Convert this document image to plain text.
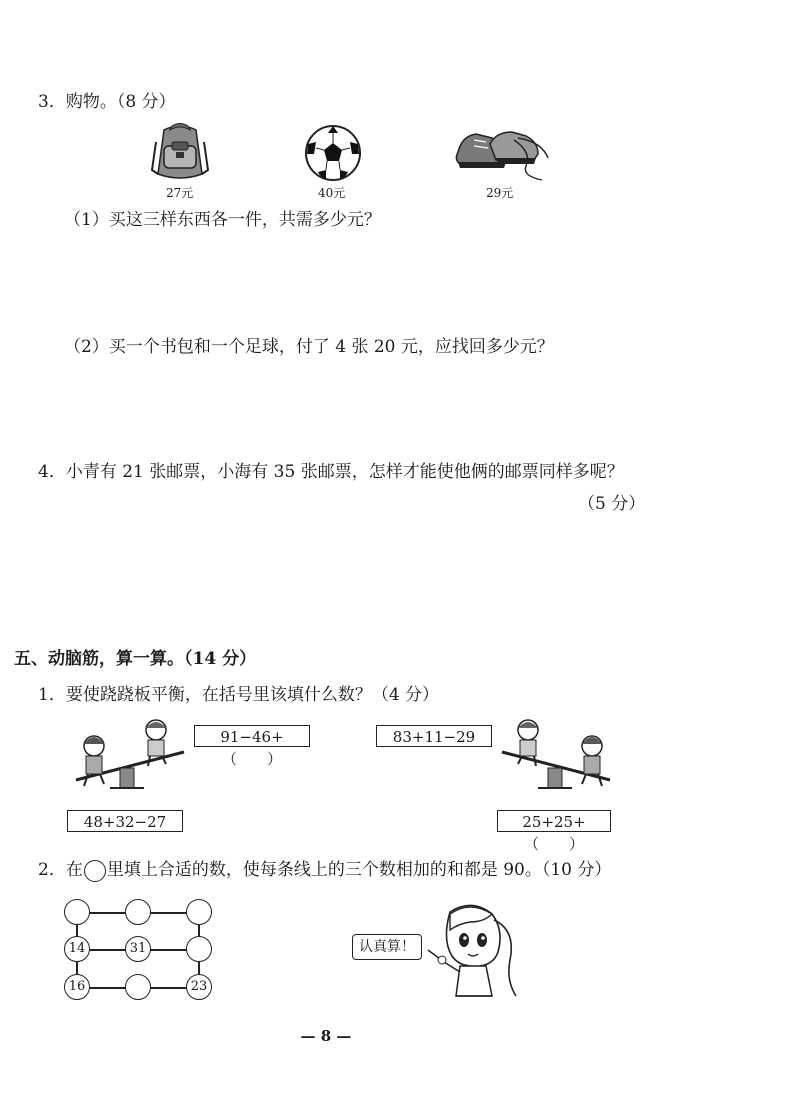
3．购物。（8 分）
27元	40元	29元
（1）买这三样东西各一件，共需多少元？
（2）买一个书包和一个足球，付了 4 张 20 元，应找回多少元？
4．小青有 21 张邮票，小海有 35 张邮票，怎样才能使他俩的邮票同样多呢？
（5 分）
五、动脑筋，算一算。（14 分）
1．要使跷跷板平衡，在括号里该填什么数？（4 分）
91−46+（　　）
48+32−27
83+11−29
25+25+（　　）
2．在 里填上合适的数，使每条线上的三个数相加的和都是 90。（10 分）
14	31
16	23
认真算！
— 8 —
